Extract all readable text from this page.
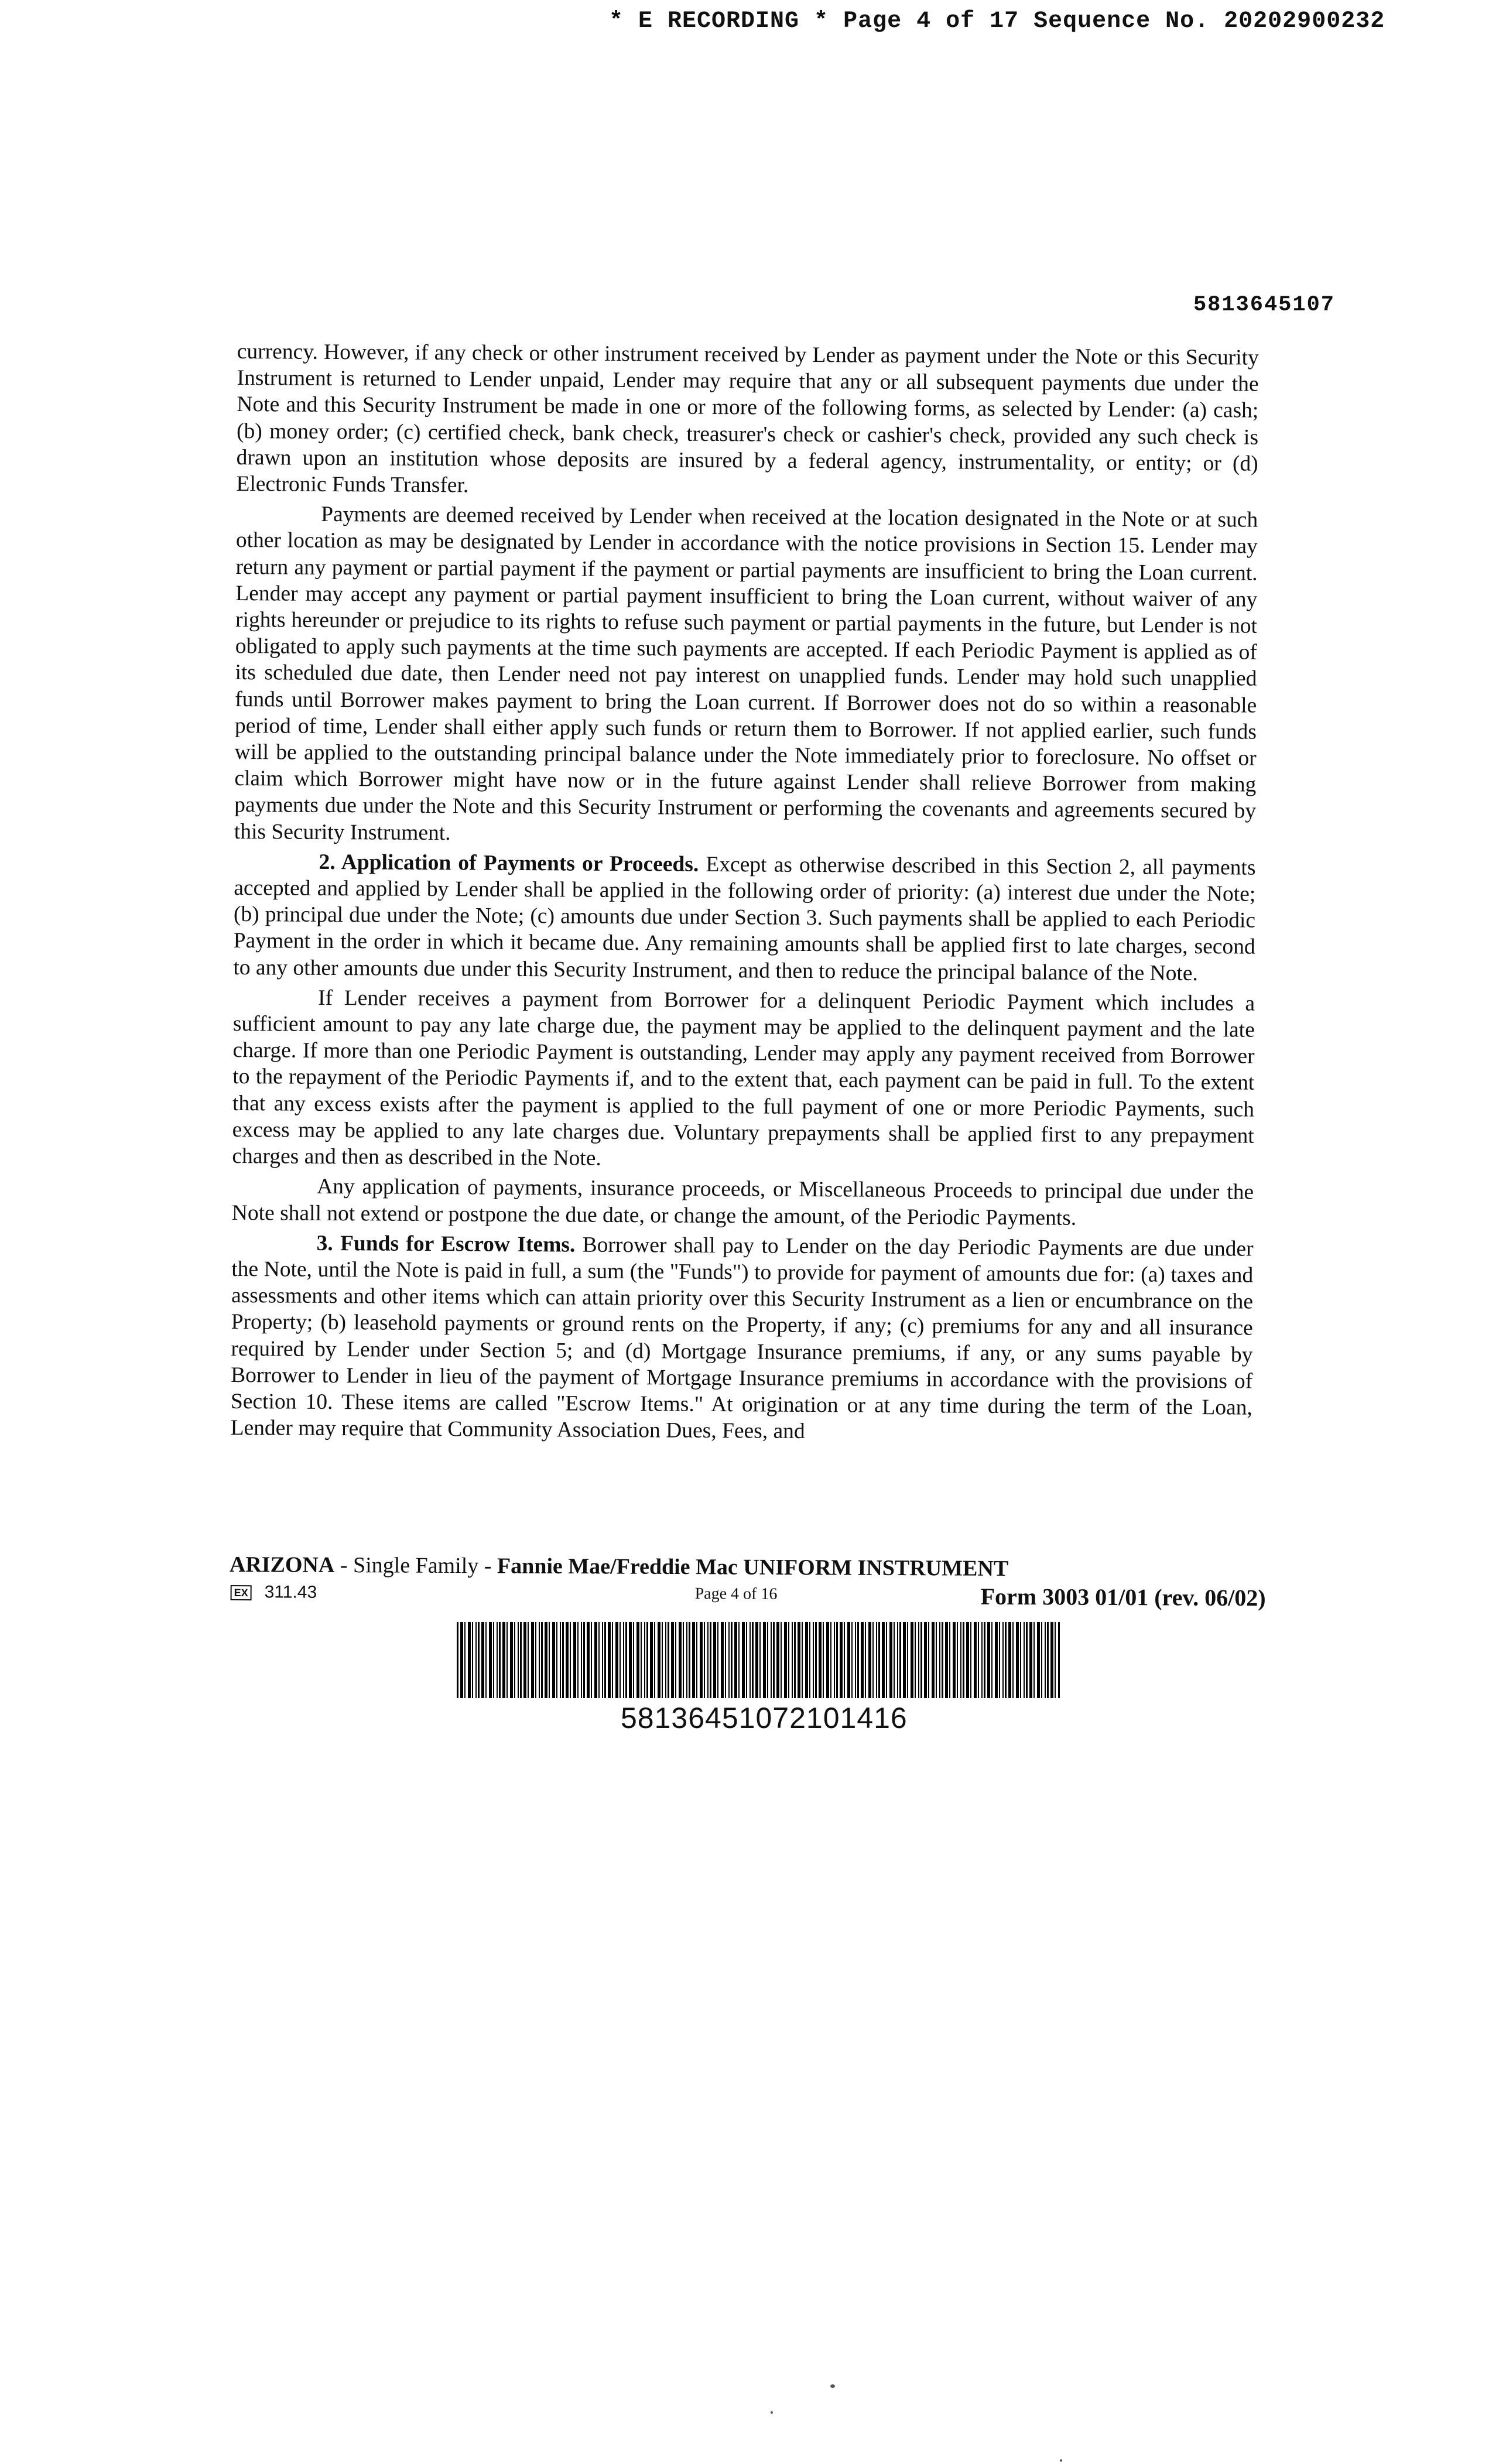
* E RECORDING * Page 4 of 17 Sequence No. 20202900232
5813645107

currency. However, if any check or other instrument received by Lender as payment under the Note or this Security Instrument is returned to Lender unpaid, Lender may require that any or all subsequent payments due under the Note and this Security Instrument be made in one or more of the following forms, as selected by Lender: (a) cash; (b) money order; (c) certified check, bank check, treasurer's check or cashier's check, provided any such check is drawn upon an institution whose deposits are insured by a federal agency, instrumentality, or entity; or (d) Electronic Funds Transfer.

Payments are deemed received by Lender when received at the location designated in the Note or at such other location as may be designated by Lender in accordance with the notice provisions in Section 15. Lender may return any payment or partial payment if the payment or partial payments are insufficient to bring the Loan current. Lender may accept any payment or partial payment insufficient to bring the Loan current, without waiver of any rights hereunder or prejudice to its rights to refuse such payment or partial payments in the future, but Lender is not obligated to apply such payments at the time such payments are accepted. If each Periodic Payment is applied as of its scheduled due date, then Lender need not pay interest on unapplied funds. Lender may hold such unapplied funds until Borrower makes payment to bring the Loan current. If Borrower does not do so within a reasonable period of time, Lender shall either apply such funds or return them to Borrower. If not applied earlier, such funds will be applied to the outstanding principal balance under the Note immediately prior to foreclosure. No offset or claim which Borrower might have now or in the future against Lender shall relieve Borrower from making payments due under the Note and this Security Instrument or performing the covenants and agreements secured by this Security Instrument.

2. Application of Payments or Proceeds. Except as otherwise described in this Section 2, all payments accepted and applied by Lender shall be applied in the following order of priority: (a) interest due under the Note; (b) principal due under the Note; (c) amounts due under Section 3. Such payments shall be applied to each Periodic Payment in the order in which it became due. Any remaining amounts shall be applied first to late charges, second to any other amounts due under this Security Instrument, and then to reduce the principal balance of the Note.

If Lender receives a payment from Borrower for a delinquent Periodic Payment which includes a sufficient amount to pay any late charge due, the payment may be applied to the delinquent payment and the late charge. If more than one Periodic Payment is outstanding, Lender may apply any payment received from Borrower to the repayment of the Periodic Payments if, and to the extent that, each payment can be paid in full. To the extent that any excess exists after the payment is applied to the full payment of one or more Periodic Payments, such excess may be applied to any late charges due. Voluntary prepayments shall be applied first to any prepayment charges and then as described in the Note.

Any application of payments, insurance proceeds, or Miscellaneous Proceeds to principal due under the Note shall not extend or postpone the due date, or change the amount, of the Periodic Payments.

3. Funds for Escrow Items. Borrower shall pay to Lender on the day Periodic Payments are due under the Note, until the Note is paid in full, a sum (the "Funds") to provide for payment of amounts due for: (a) taxes and assessments and other items which can attain priority over this Security Instrument as a lien or encumbrance on the Property; (b) leasehold payments or ground rents on the Property, if any; (c) premiums for any and all insurance required by Lender under Section 5; and (d) Mortgage Insurance premiums, if any, or any sums payable by Borrower to Lender in lieu of the payment of Mortgage Insurance premiums in accordance with the provisions of Section 10. These items are called "Escrow Items." At origination or at any time during the term of the Loan, Lender may require that Community Association Dues, Fees, and

ARIZONA - Single Family - Fannie Mae/Freddie Mac UNIFORM INSTRUMENT
EX 311.43	Page 4 of 16	Form 3003 01/01 (rev. 06/02)
58136451072101416
